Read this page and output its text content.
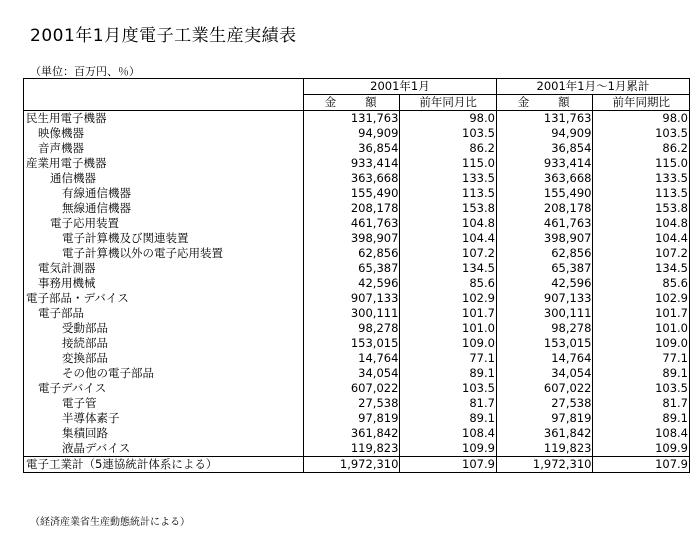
2001年1月度電子工業生産実績表
（単位：百万円、％）
	2001年1月		2001年1月～1月累計	
	金　　額	前年同月比	金　　額	前年同期比
民生用電子機器	131,763	98.0	131,763	98.0
映像機器	94,909	103.5	94,909	103.5
音声機器	36,854	86.2	36,854	86.2
産業用電子機器	933,414	115.0	933,414	115.0
通信機器	363,668	133.5	363,668	133.5
有線通信機器	155,490	113.5	155,490	113.5
無線通信機器	208,178	153.8	208,178	153.8
電子応用装置	461,763	104.8	461,763	104.8
電子計算機及び関連装置	398,907	104.4	398,907	104.4
電子計算機以外の電子応用装置	62,856	107.2	62,856	107.2
電気計測器	65,387	134.5	65,387	134.5
事務用機械	42,596	85.6	42,596	85.6
電子部品・デバイス	907,133	102.9	907,133	102.9
電子部品	300,111	101.7	300,111	101.7
受動部品	98,278	101.0	98,278	101.0
接続部品	153,015	109.0	153,015	109.0
変換部品	14,764	77.1	14,764	77.1
その他の電子部品	34,054	89.1	34,054	89.1
電子デバイス	607,022	103.5	607,022	103.5
電子管	27,538	81.7	27,538	81.7
半導体素子	97,819	89.1	97,819	89.1
集積回路	361,842	108.4	361,842	108.4
液晶デバイス	119,823	109.9	119,823	109.9
電子工業計（5連協統計体系による）	1,972,310	107.9	1,972,310	107.9
（経済産業省生産動態統計による）
